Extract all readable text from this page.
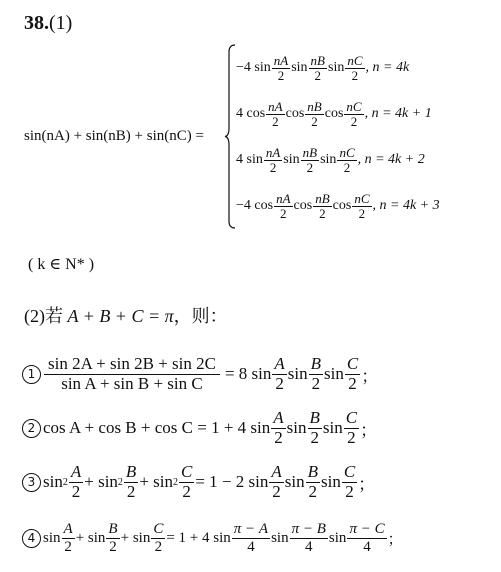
38.(1)
sin(nA) + sin(nB) + sin(nC) =
−4
$\sin \frac{nA}{2}$ $\sin \frac{nB}{2}$ $\sin \frac{nC}{2}$ , n = 4k
4
$\cos \frac{nA}{2}$ $\cos \frac{nB}{2}$ $\cos \frac{nC}{2}$ , n = 4k + 1
4
$\sin \frac{nA}{2}$ $\sin \frac{nB}{2}$ $\sin \frac{nC}{2}$ , n = 4k + 2
−4
$\cos \frac{nA}{2}$ $\cos \frac{nB}{2}$ $\cos \frac{nC}{2}$ , n = 4k + 3
( k ∈ N* )
(2)若 A + B + C = π，则：
$1 \frac{\sin 2A + \sin 2B + \sin 2C}{\text{sin A + sin B + sin C}} = 8$ $\sin \frac{A}{2}$ $\sin \frac{B}{2}$ $\sin \frac{C}{2}$ ；
2 cos A + cos B + cos C = 1 + 4 $\sin \frac{A}{2}$ $\sin \frac{B}{2}$ $\sin \frac{C}{2}$ ；
3 $\sin 2 \frac{A}{2}$ +
$\sin 2 \frac{B}{2}$ +
$\sin 2 \frac{C}{2} = 1 - 2$ $\sin \frac{A}{2}$ $\sin \frac{B}{2}$ $\sin \frac{C}{2}$ ；
4 $\sin \frac{A}{2}$ +
$\sin \frac{B}{2}$ +
$\sin \frac{C}{2} = 1 + 4$ $\sin \frac{\pi - A}{4}$ $\sin \frac{\pi - B}{4}$ $\sin \frac{\pi - C}{4}$ ；
